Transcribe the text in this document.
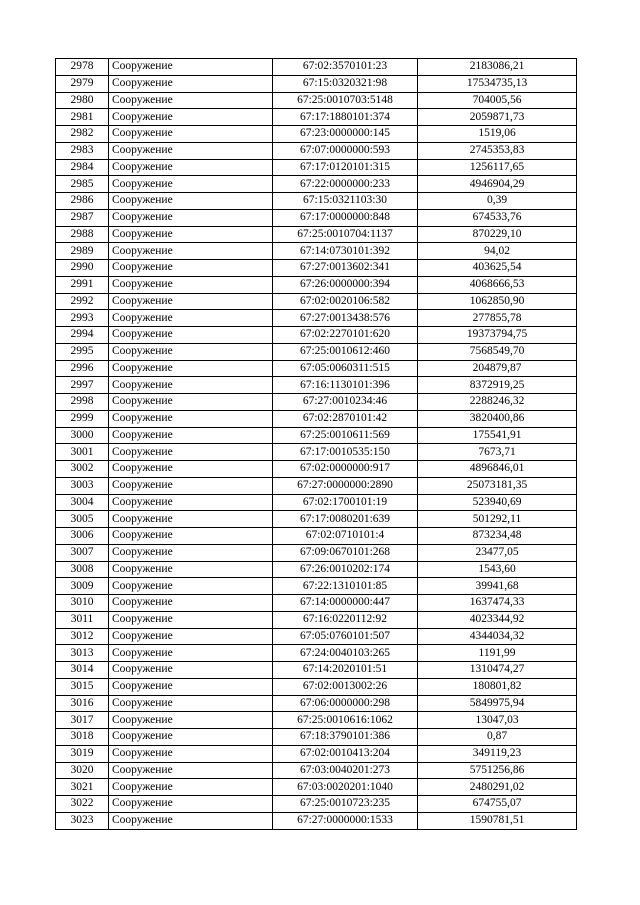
2978	Сооружение	67:02:3570101:23	2183086,21
2979	Сооружение	67:15:0320321:98	17534735,13
2980	Сооружение	67:25:0010703:5148	704005,56
2981	Сооружение	67:17:1880101:374	2059871,73
2982	Сооружение	67:23:0000000:145	1519,06
2983	Сооружение	67:07:0000000:593	2745353,83
2984	Сооружение	67:17:0120101:315	1256117,65
2985	Сооружение	67:22:0000000:233	4946904,29
2986	Сооружение	67:15:0321103:30	0,39
2987	Сооружение	67:17:0000000:848	674533,76
2988	Сооружение	67:25:0010704:1137	870229,10
2989	Сооружение	67:14:0730101:392	94,02
2990	Сооружение	67:27:0013602:341	403625,54
2991	Сооружение	67:26:0000000:394	4068666,53
2992	Сооружение	67:02:0020106:582	1062850,90
2993	Сооружение	67:27:0013438:576	277855,78
2994	Сооружение	67:02:2270101:620	19373794,75
2995	Сооружение	67:25:0010612:460	7568549,70
2996	Сооружение	67:05:0060311:515	204879,87
2997	Сооружение	67:16:1130101:396	8372919,25
2998	Сооружение	67:27:0010234:46	2288246,32
2999	Сооружение	67:02:2870101:42	3820400,86
3000	Сооружение	67:25:0010611:569	175541,91
3001	Сооружение	67:17:0010535:150	7673,71
3002	Сооружение	67:02:0000000:917	4896846,01
3003	Сооружение	67:27:0000000:2890	25073181,35
3004	Сооружение	67:02:1700101:19	523940,69
3005	Сооружение	67:17:0080201:639	501292,11
3006	Сооружение	67:02:0710101:4	873234,48
3007	Сооружение	67:09:0670101:268	23477,05
3008	Сооружение	67:26:0010202:174	1543,60
3009	Сооружение	67:22:1310101:85	39941,68
3010	Сооружение	67:14:0000000:447	1637474,33
3011	Сооружение	67:16:0220112:92	4023344,92
3012	Сооружение	67:05:0760101:507	4344034,32
3013	Сооружение	67:24:0040103:265	1191,99
3014	Сооружение	67:14:2020101:51	1310474,27
3015	Сооружение	67:02:0013002:26	180801,82
3016	Сооружение	67:06:0000000:298	5849975,94
3017	Сооружение	67:25:0010616:1062	13047,03
3018	Сооружение	67:18:3790101:386	0,87
3019	Сооружение	67:02:0010413:204	349119,23
3020	Сооружение	67:03:0040201:273	5751256,86
3021	Сооружение	67:03:0020201:1040	2480291,02
3022	Сооружение	67:25:0010723:235	674755,07
3023	Сооружение	67:27:0000000:1533	1590781,51
